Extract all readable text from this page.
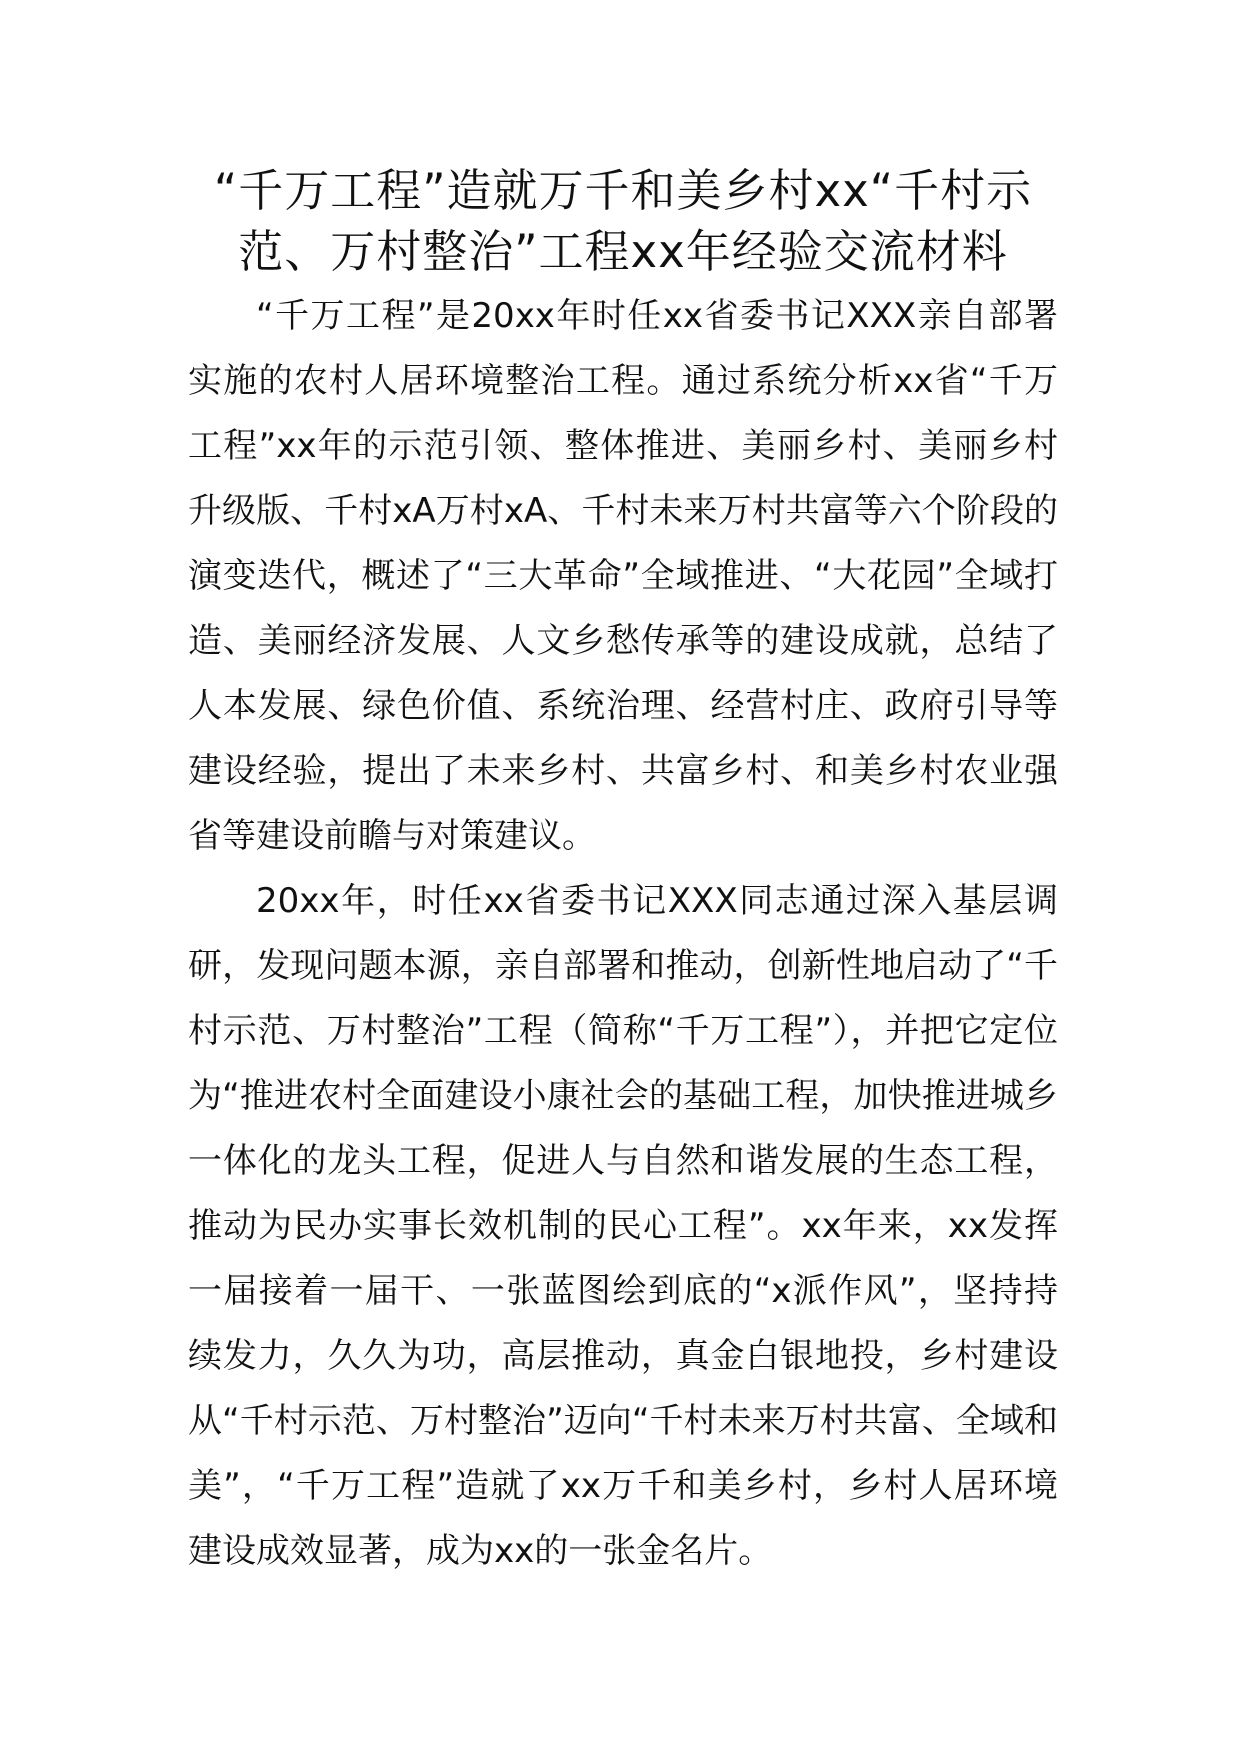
“千万工程”造就万千和美乡村xx“千村示范、万村整治”工程xx年经验交流材料

“千万工程”是20xx年时任xx省委书记XXX亲自部署实施的农村人居环境整治工程。通过系统分析xx省“千万工程”xx年的示范引领、整体推进、美丽乡村、美丽乡村升级版、千村xA万村xA、千村未来万村共富等六个阶段的演变迭代，概述了“三大革命”全域推进、“大花园”全域打造、美丽经济发展、人文乡愁传承等的建设成就，总结了人本发展、绿色价值、系统治理、经营村庄、政府引导等建设经验，提出了未来乡村、共富乡村、和美乡村农业强省等建设前瞻与对策建议。

20xx年，时任xx省委书记XXX同志通过深入基层调研，发现问题本源，亲自部署和推动，创新性地启动了“千村示范、万村整治”工程（简称“千万工程”），并把它定位为“推进农村全面建设小康社会的基础工程，加快推进城乡一体化的龙头工程，促进人与自然和谐发展的生态工程，推动为民办实事长效机制的民心工程”。xx年来，xx发挥一届接着一届干、一张蓝图绘到底的“x派作风”，坚持持续发力，久久为功，高层推动，真金白银地投，乡村建设从“千村示范、万村整治”迈向“千村未来万村共富、全域和美”，“千万工程”造就了xx万千和美乡村，乡村人居环境建设成效显著，成为xx的一张金名片。
